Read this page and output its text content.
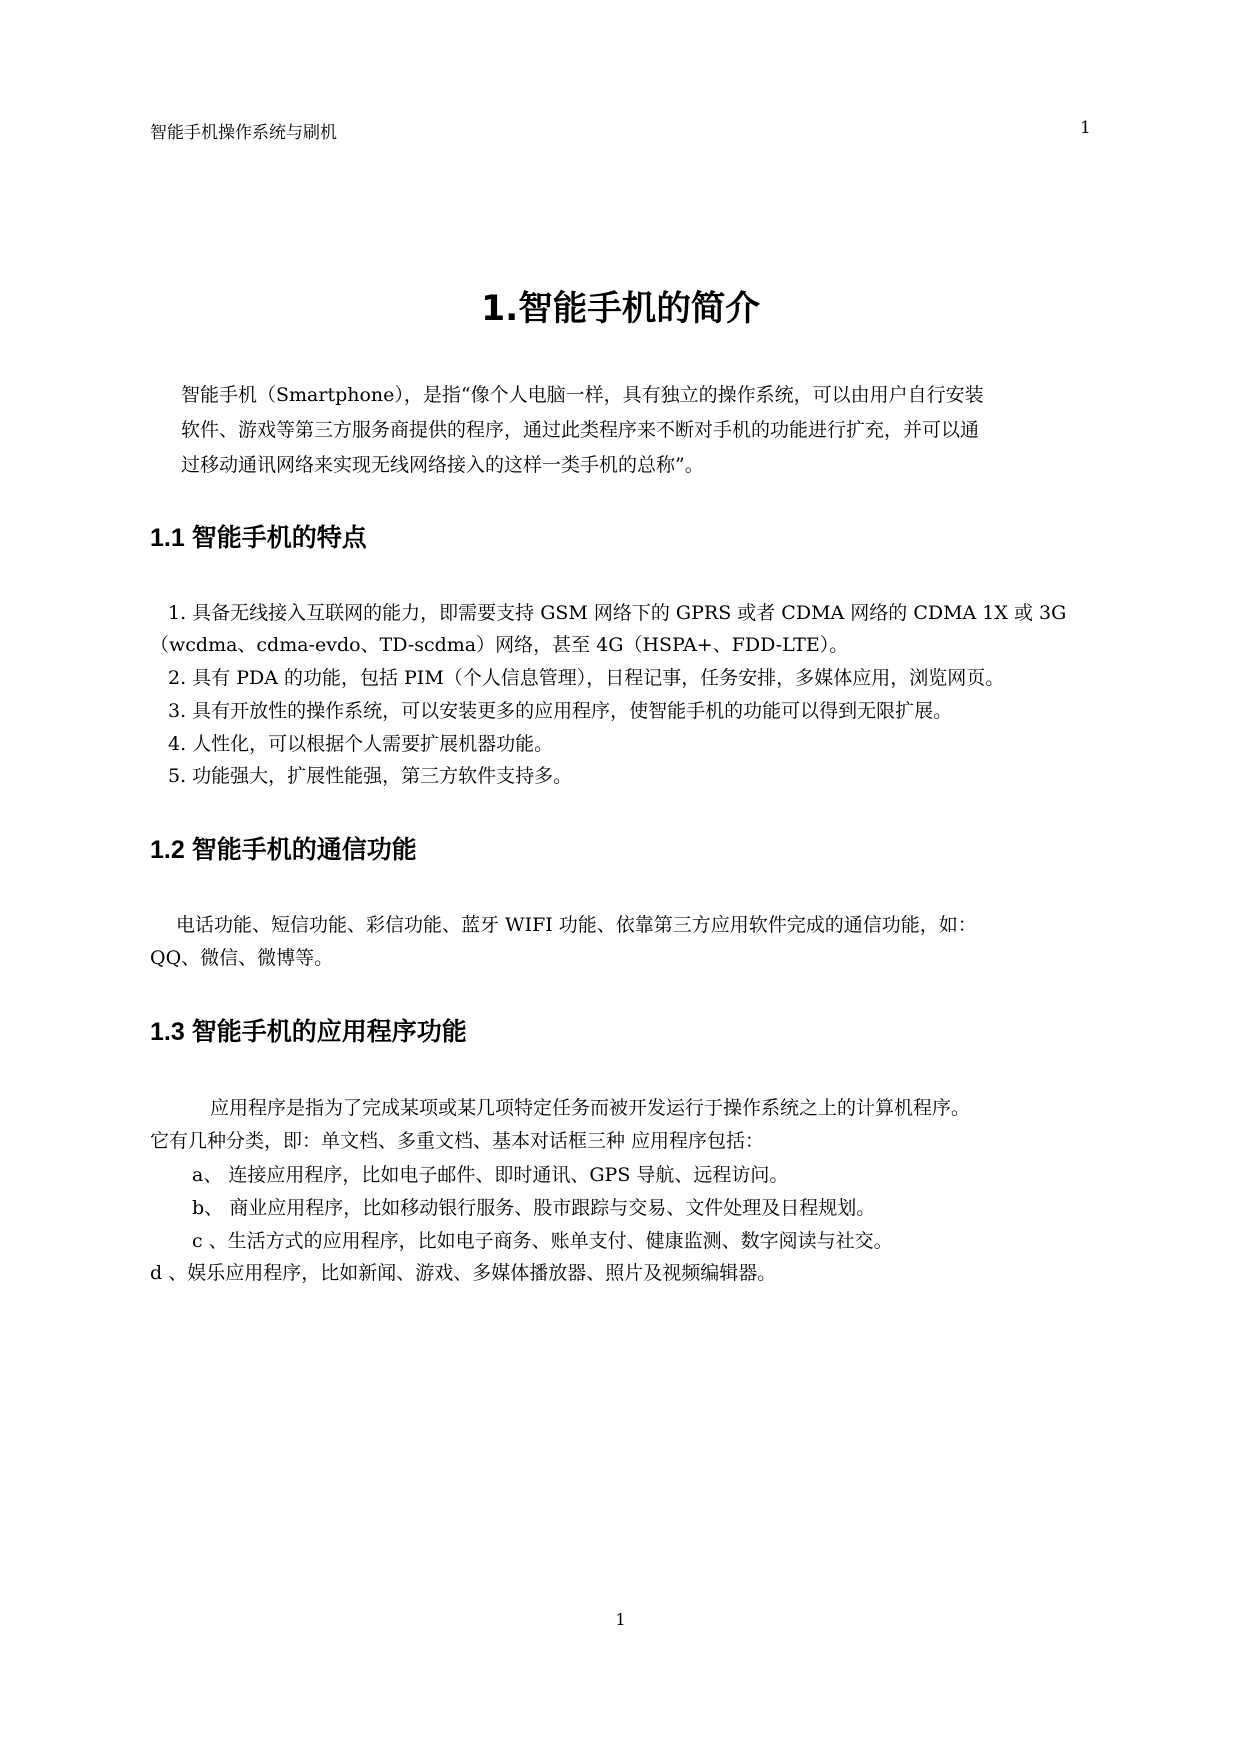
智能手机操作系统与刷机	1
1.智能手机的简介
智能手机（Smartphone），是指“像个人电脑一样，具有独立的操作系统，可以由用户自行安装
软件、游戏等第三方服务商提供的程序，通过此类程序来不断对手机的功能进行扩充，并可以通
过移动通讯网络来实现无线网络接入的这样一类手机的总称”。
1.1 智能手机的特点
1. 具备无线接入互联网的能力，即需要支持 GSM 网络下的 GPRS 或者 CDMA 网络的 CDMA 1X 或 3G
（wcdma、cdma-evdo、TD-scdma）网络，甚至 4G（HSPA+、FDD-LTE）。
2. 具有 PDA 的功能，包括 PIM（个人信息管理），日程记事，任务安排，多媒体应用，浏览网页。
3. 具有开放性的操作系统，可以安装更多的应用程序，使智能手机的功能可以得到无限扩展。
4. 人性化，可以根据个人需要扩展机器功能。
5. 功能强大，扩展性能强，第三方软件支持多。
1.2 智能手机的通信功能
电话功能、短信功能、彩信功能、蓝牙 WIFI 功能、依靠第三方应用软件完成的通信功能，如：
QQ、微信、微博等。
1.3 智能手机的应用程序功能
应用程序是指为了完成某项或某几项特定任务而被开发运行于操作系统之上的计算机程序。
它有几种分类，即：单文档、多重文档、基本对话框三种 应用程序包括：
a、 连接应用程序，比如电子邮件、即时通讯、GPS 导航、远程访问。
b、 商业应用程序，比如移动银行服务、股市跟踪与交易、文件处理及日程规划。
c 、生活方式的应用程序，比如电子商务、账单支付、健康监测、数字阅读与社交。
d 、娱乐应用程序，比如新闻、游戏、多媒体播放器、照片及视频编辑器。
1
